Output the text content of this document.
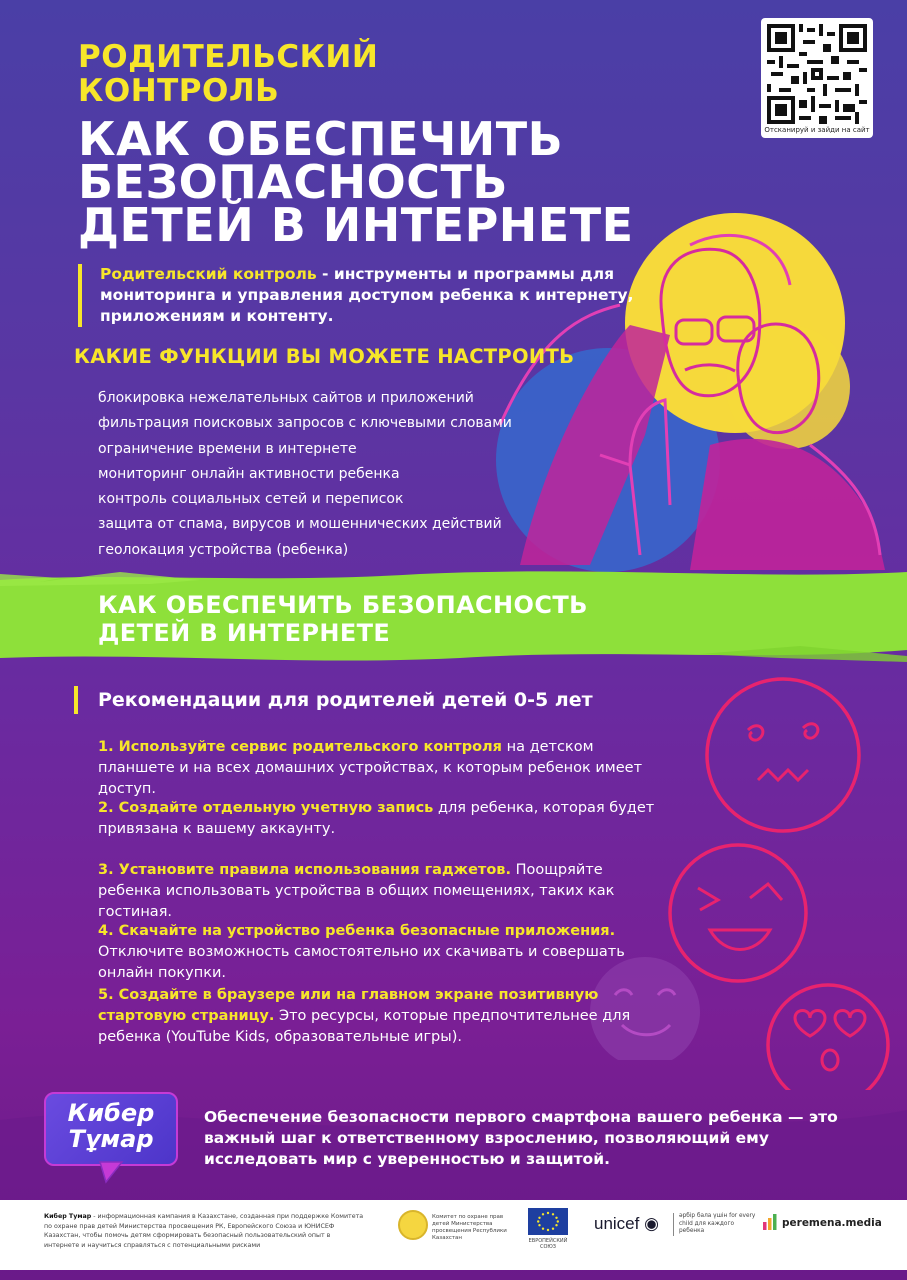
РОДИТЕЛЬСКИЙ
КОНТРОЛЬ
КАК ОБЕСПЕЧИТЬ
БЕЗОПАСНОСТЬ
ДЕТЕЙ В ИНТЕРНЕТЕ
Отсканируй и зайди на сайт
Родительский контроль - инструменты и программы для мониторинга и управления доступом ребенка к интернету, приложениям и контенту.
КАКИЕ ФУНКЦИИ ВЫ МОЖЕТЕ НАСТРОИТЬ
блокировка нежелательных сайтов и приложений
фильтрация поисковых запросов с ключевыми словами
ограничение времени в интернете
мониторинг онлайн активности ребенка
контроль социальных сетей и переписок
защита от спама, вирусов и мошеннических действий
геолокация устройства (ребенка)
КАК ОБЕСПЕЧИТЬ БЕЗОПАСНОСТЬ
ДЕТЕЙ В ИНТЕРНЕТЕ
Рекомендации для родителей детей 0-5 лет
1. Используйте сервис родительского контроля на детском планшете и на всех домашних устройствах, к которым ребенок имеет доступ.
2. Создайте отдельную учетную запись для ребенка, которая будет привязана к вашему аккаунту.
3. Установите правила использования гаджетов. Поощряйте ребенка использовать устройства в общих помещениях, таких как гостиная.
4. Скачайте на устройство ребенка безопасные приложения. Отключите возможность самостоятельно их скачивать и совершать онлайн покупки.
5. Создайте в браузере или на главном экране позитивную стартовую страницу. Это ресурсы, которые предпочтительнее для ребенка (YouTube Kids, образовательные игры).
Кибер
Тұмар
Обеспечение безопасности первого смартфона вашего ребенка — это важный шаг к ответственному взрослению, позволяющий ему исследовать мир с уверенностью и защитой.
Кибер Тумар - информационная кампания в Казахстане, созданная при поддержке Комитета по охране прав детей Министерства просвещения РК, Европейского Союза и ЮНИСЕФ Казахстан, чтобы помочь детям сформировать безопасный пользовательский опыт в интернете и научиться справляться с потенциальными рисками
Комитет по охране прав детей Министерства просвещения Республики Казахстан	ЕВРОПЕЙСКИЙ СОЮЗ
unicef ◉	әрбір бала үшін for every child для каждого ребенка
peremena.media
